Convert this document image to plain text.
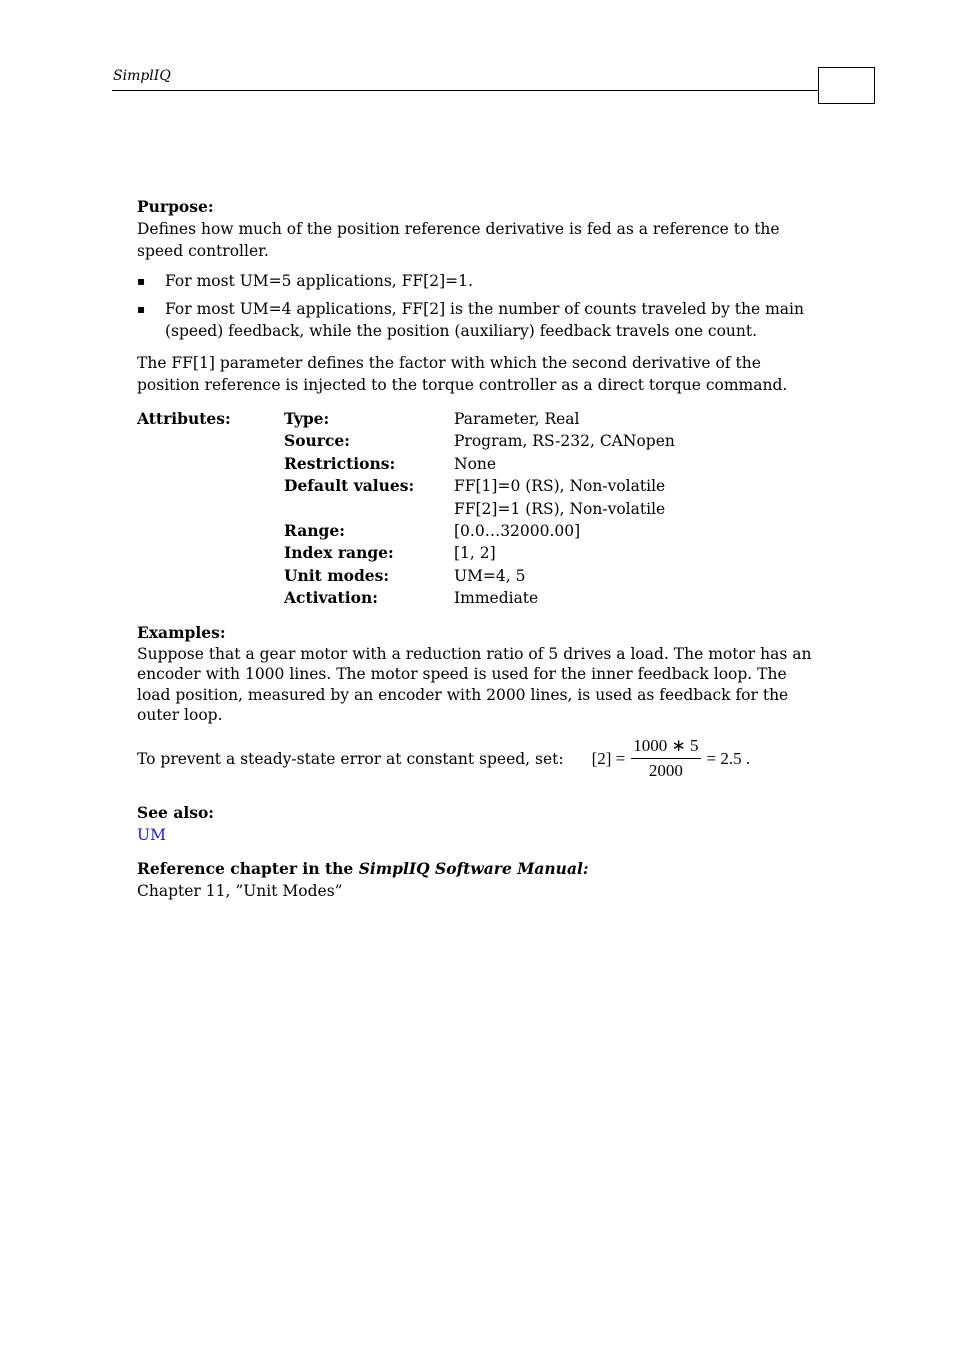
SimplIQ

Purpose:

Defines how much of the position reference derivative is fed as a reference to the speed controller.

▪ For most UM=5 applications, FF[2]=1.
▪ For most UM=4 applications, FF[2] is the number of counts traveled by the main (speed) feedback, while the position (auxiliary) feedback travels one count.

The FF[1] parameter defines the factor with which the second derivative of the position reference is injected to the torque controller as a direct torque command.

Attributes:	Type:	Parameter, Real
Source:	Program, RS-232, CANopen
Restrictions:	None
Default values:	FF[1]=0 (RS), Non-volatile
FF[2]=1 (RS), Non-volatile
Range:	[0.0…32000.00]
Index range:	[1, 2]
Unit modes:	UM=4, 5
Activation:	Immediate

Examples:

Suppose that a gear motor with a reduction ratio of 5 drives a load. The motor has an encoder with 1000 lines. The motor speed is used for the inner feedback loop. The load position, measured by an encoder with 2000 lines, is used as feedback for the outer loop.

To prevent a steady-state error at constant speed, set: $[2] = \frac{1000 ∗ 5}{2000} = 2.5$ .

See also:

UM

Reference chapter in the SimplIQ Software Manual:

Chapter 11, ”Unit Modes”
